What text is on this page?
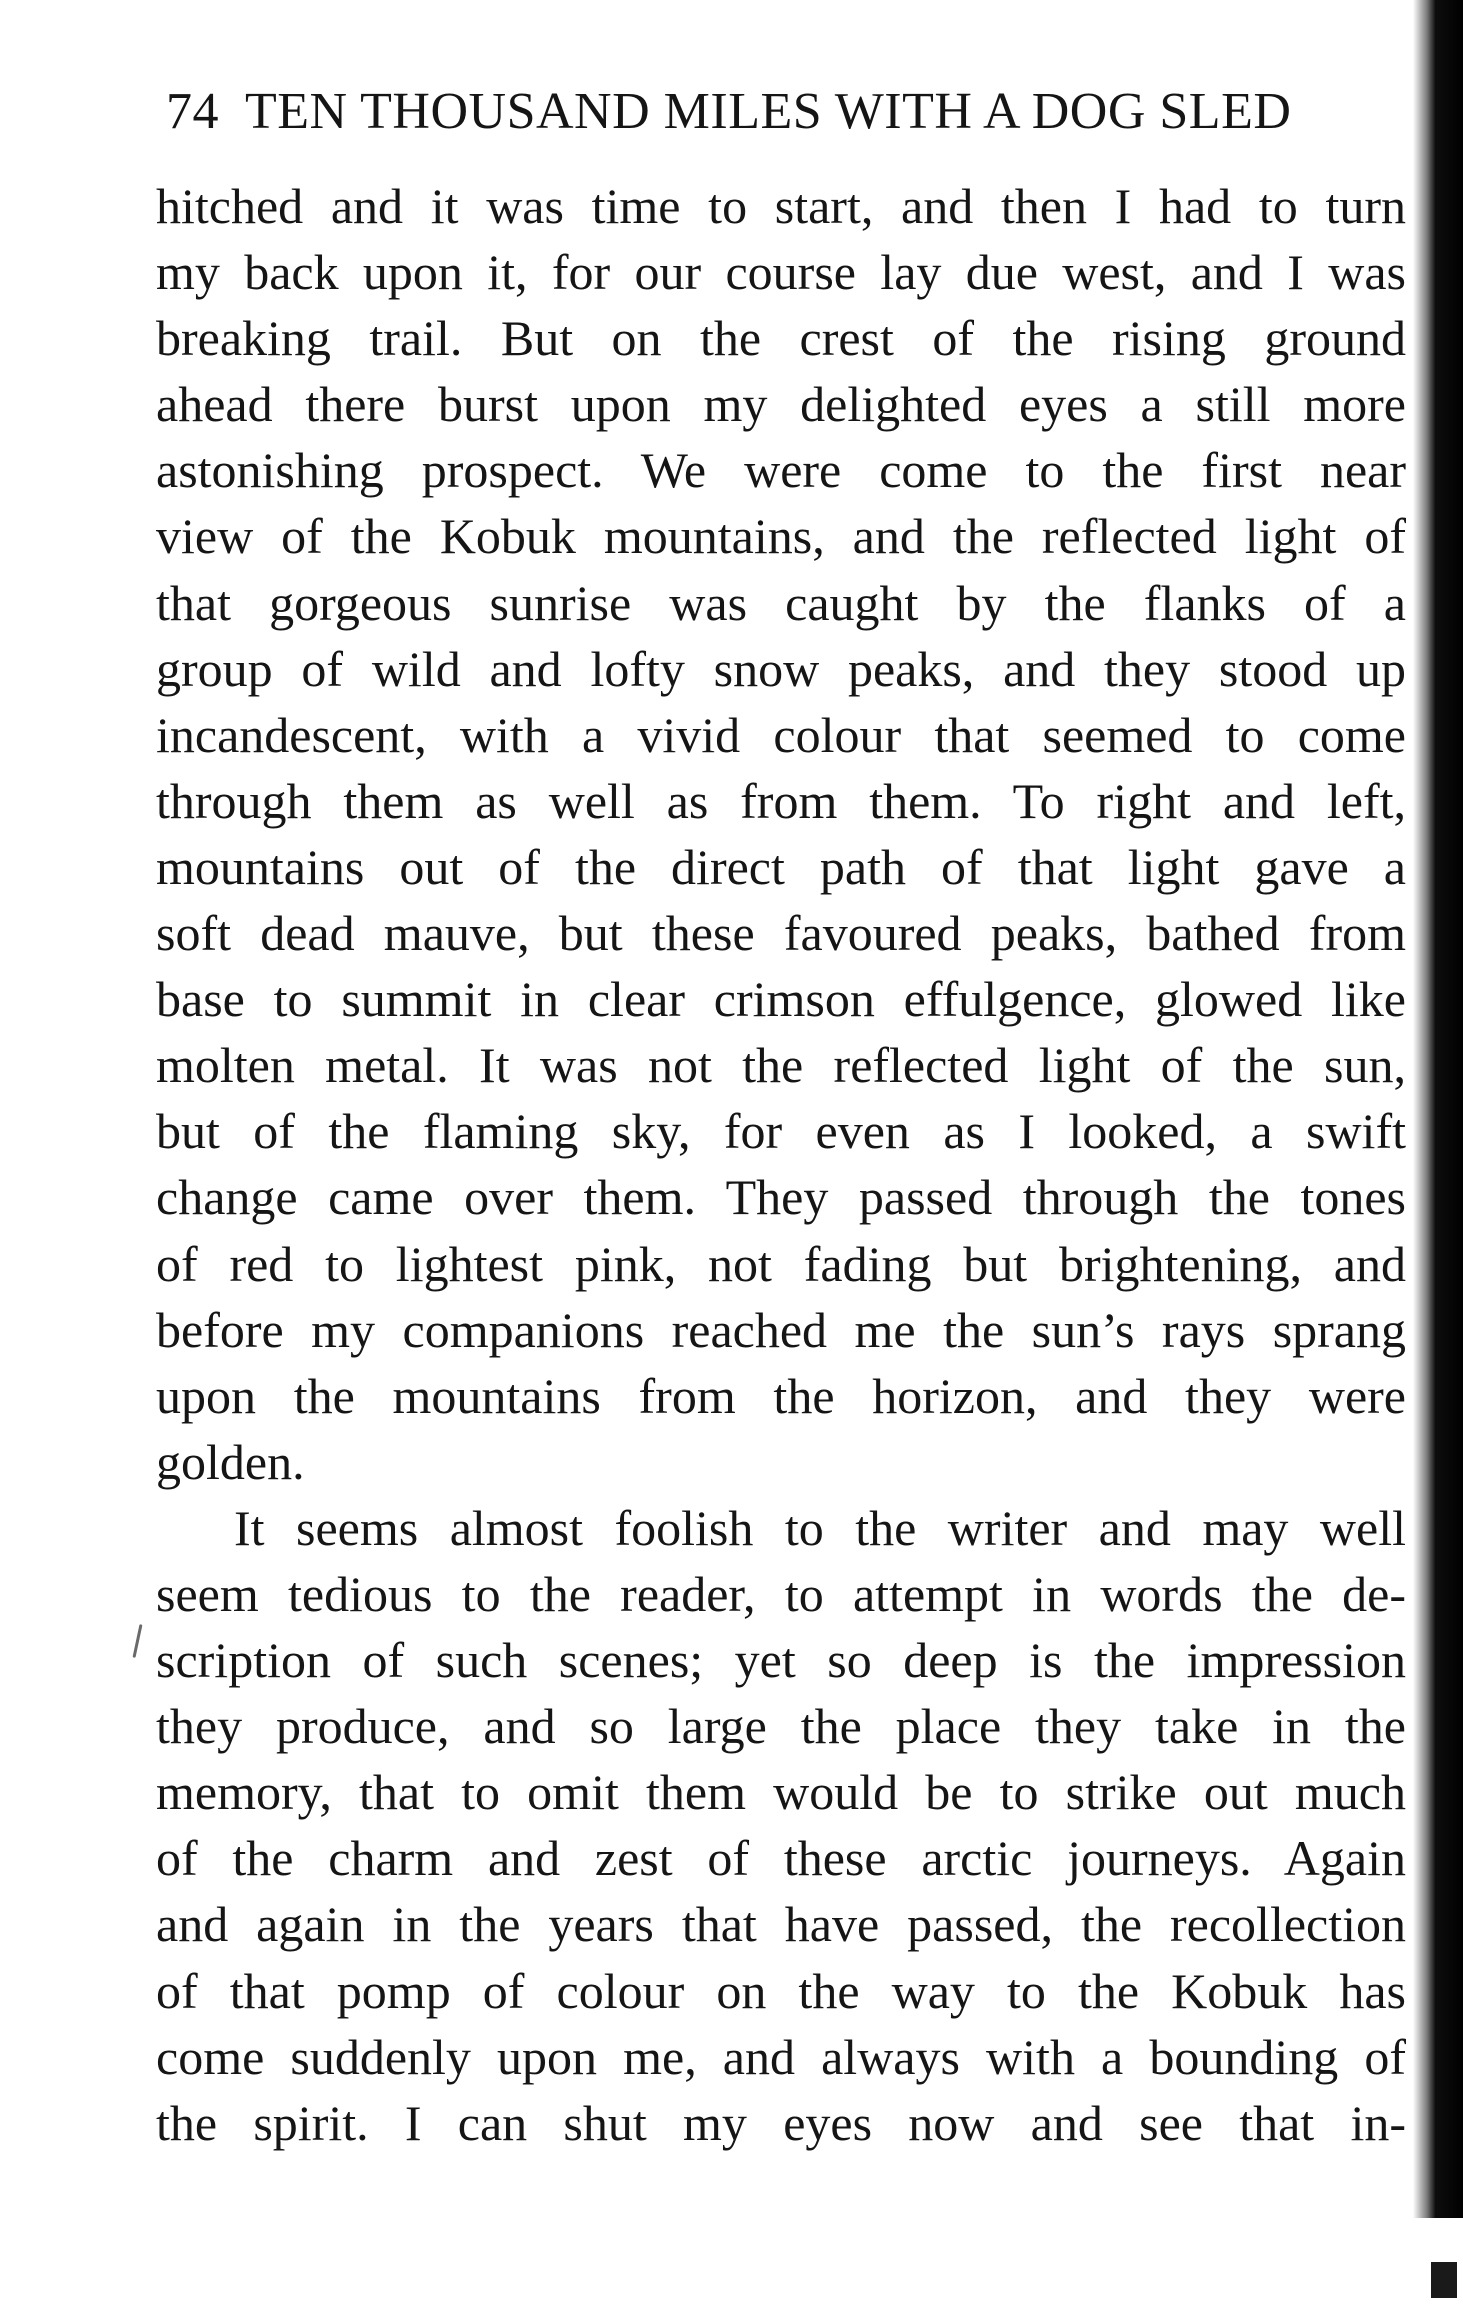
74 TEN THOUSAND MILES WITH A DOG SLED
hitched and it was time to start, and then I had to turn
my back upon it, for our course lay due west, and I was
breaking trail. But on the crest of the rising ground
ahead there burst upon my delighted eyes a still more
astonishing prospect. We were come to the first near
view of the Kobuk mountains, and the reflected light of
that gorgeous sunrise was caught by the flanks of a
group of wild and lofty snow peaks, and they stood up
incandescent, with a vivid colour that seemed to come
through them as well as from them. To right and left,
mountains out of the direct path of that light gave a
soft dead mauve, but these favoured peaks, bathed from
base to summit in clear crimson effulgence, glowed like
molten metal. It was not the reflected light of the sun,
but of the flaming sky, for even as I looked, a swift
change came over them. They passed through the tones
of red to lightest pink, not fading but brightening, and
before my companions reached me the sun’s rays sprang
upon the mountains from the horizon, and they were
golden.
It seems almost foolish to the writer and may well
seem tedious to the reader, to attempt in words the de-
scription of such scenes; yet so deep is the impression
they produce, and so large the place they take in the
memory, that to omit them would be to strike out much
of the charm and zest of these arctic journeys. Again
and again in the years that have passed, the recollection
of that pomp of colour on the way to the Kobuk has
come suddenly upon me, and always with a bounding of
the spirit. I can shut my eyes now and see that in-
